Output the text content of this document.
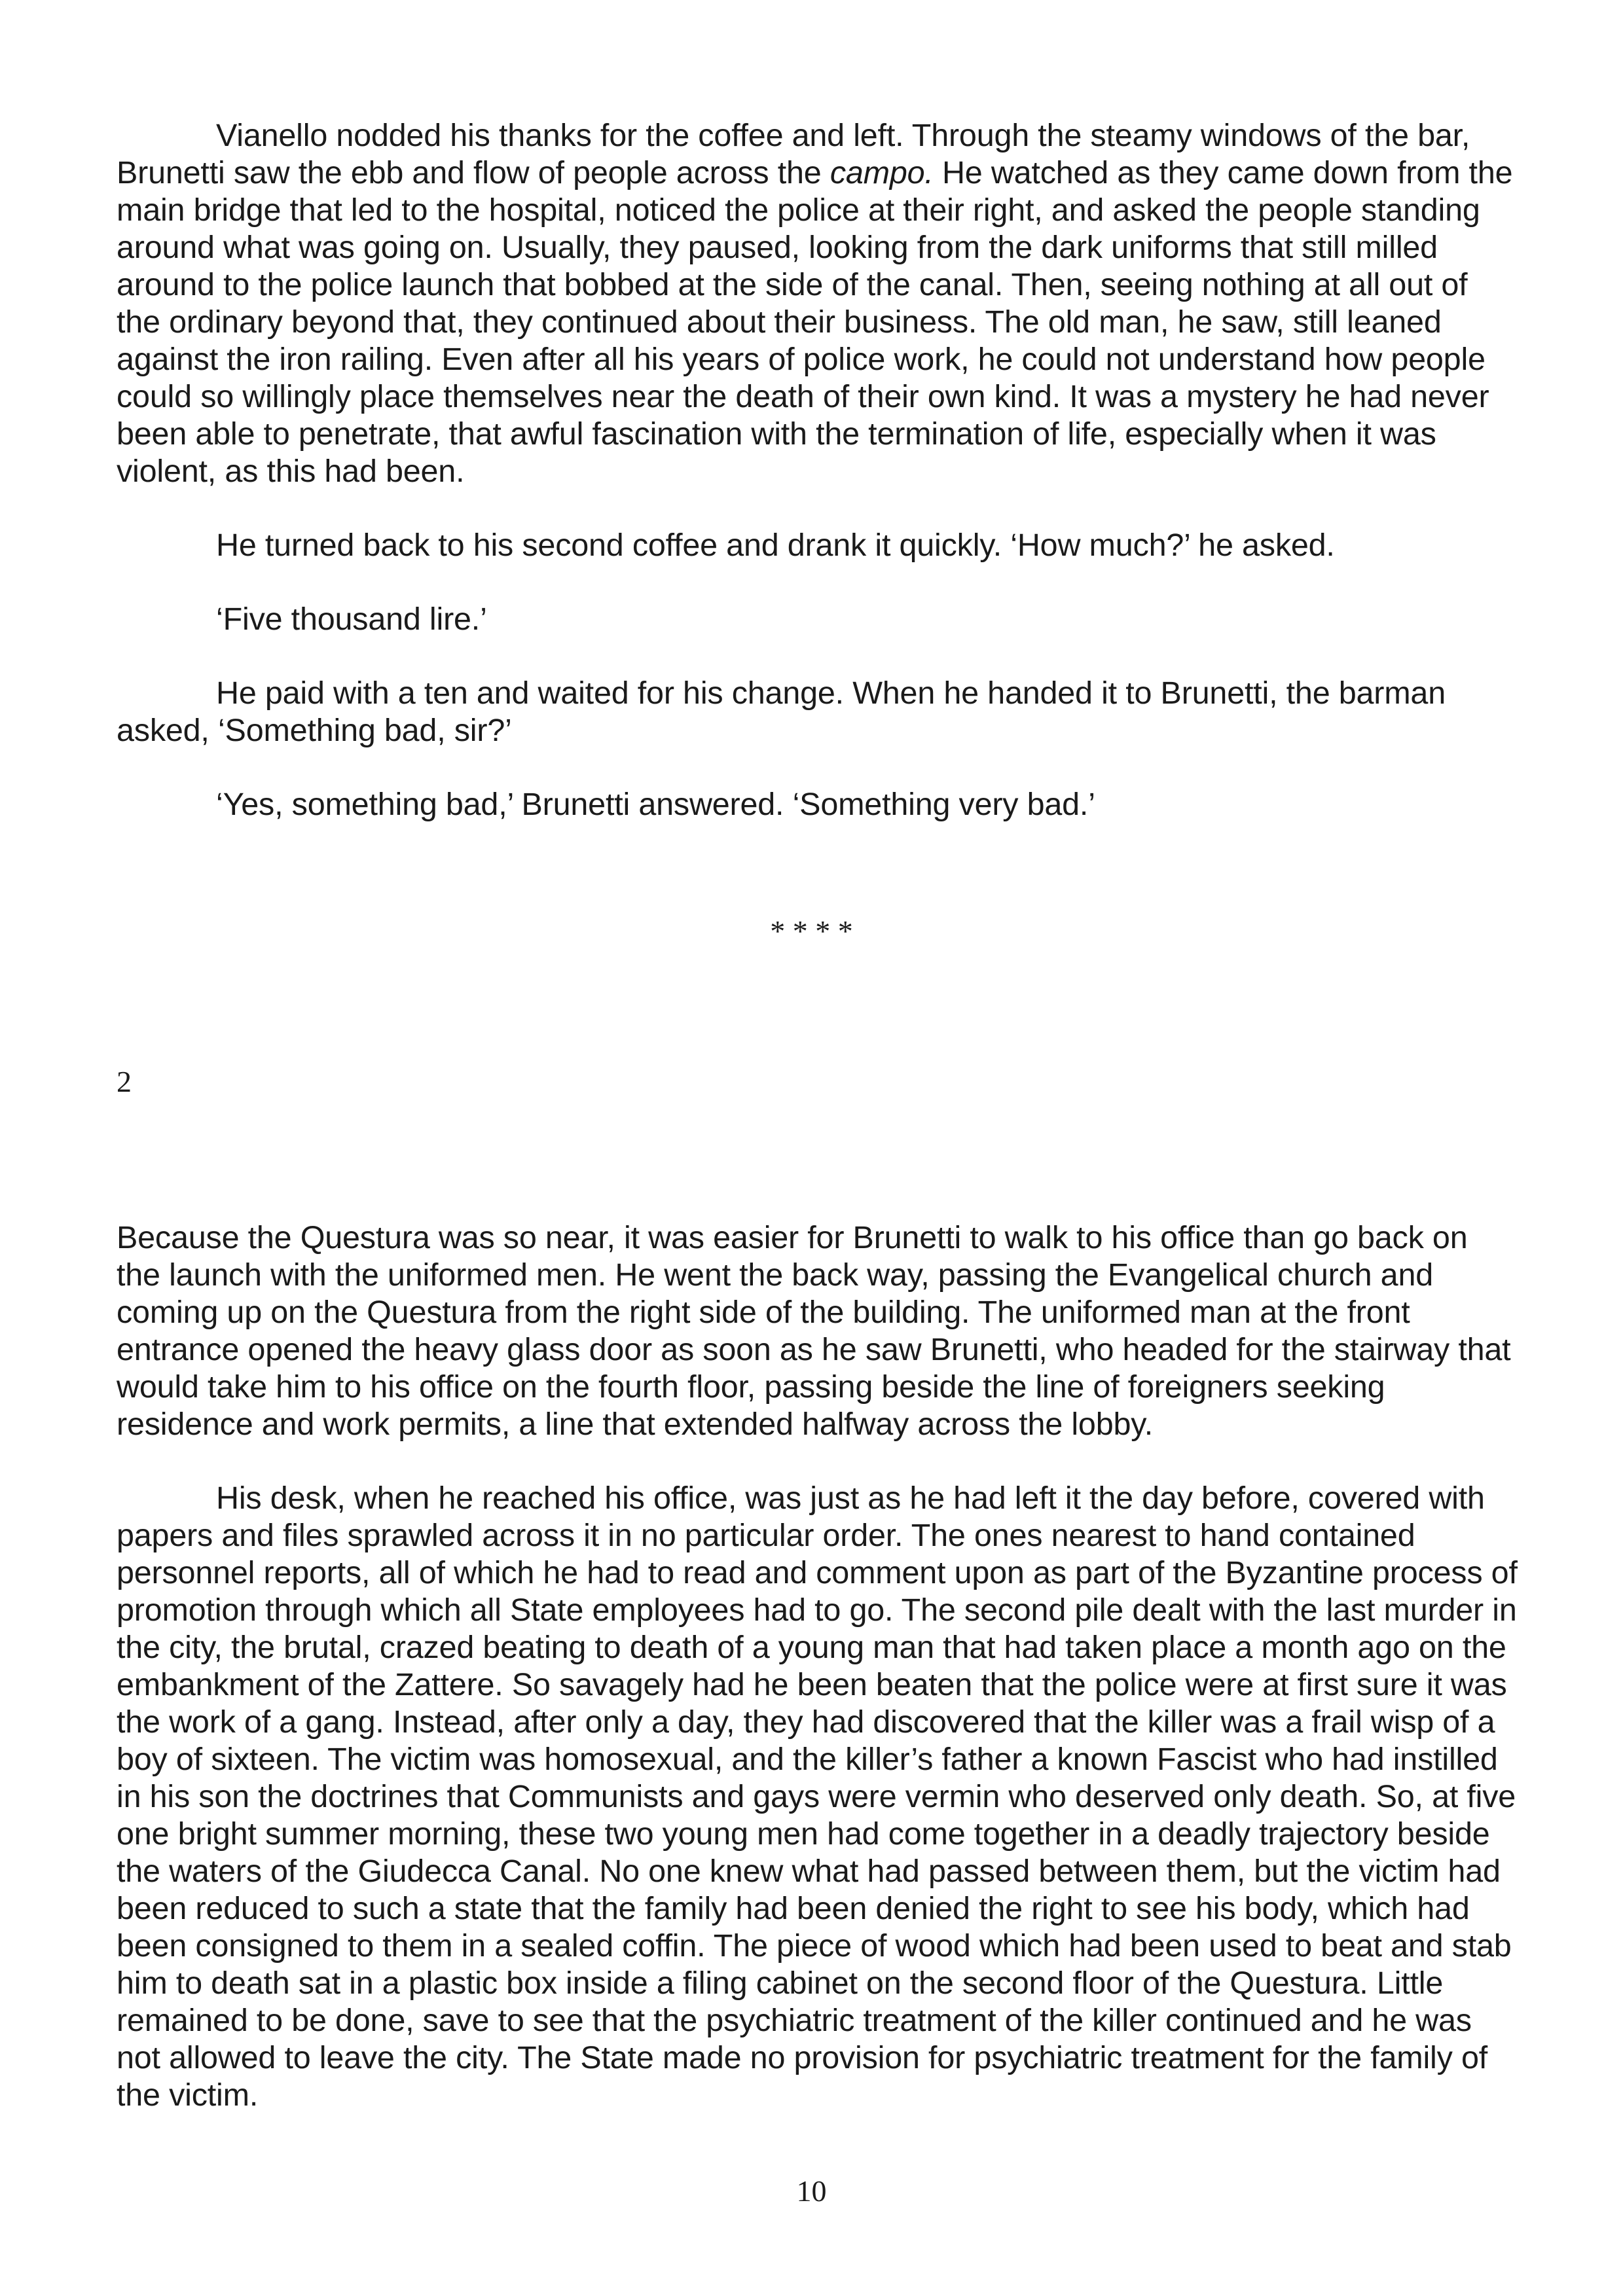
Vianello nodded his thanks for the coffee and left. Through the steamy windows of the bar, Brunetti saw the ebb and flow of people across the campo. He watched as they came down from the main bridge that led to the hospital, noticed the police at their right, and asked the people standing around what was going on. Usually, they paused, looking from the dark uniforms that still milled around to the police launch that bobbed at the side of the canal. Then, seeing nothing at all out of the ordinary beyond that, they continued about their business. The old man, he saw, still leaned against the iron railing. Even after all his years of police work, he could not understand how people could so willingly place themselves near the death of their own kind. It was a mystery he had never been able to penetrate, that awful fascination with the termination of life, especially when it was violent, as this had been.

He turned back to his second coffee and drank it quickly. ‘How much?’ he asked.

‘Five thousand lire.’

He paid with a ten and waited for his change. When he handed it to Brunetti, the barman asked, ‘Something bad, sir?’

‘Yes, something bad,’ Brunetti answered. ‘Something very bad.’

* * * *
2

Because the Questura was so near, it was easier for Brunetti to walk to his office than go back on the launch with the uniformed men. He went the back way, passing the Evangelical church and coming up on the Questura from the right side of the building. The uniformed man at the front entrance opened the heavy glass door as soon as he saw Brunetti, who headed for the stairway that would take him to his office on the fourth floor, passing beside the line of foreigners seeking residence and work permits, a line that extended halfway across the lobby.

His desk, when he reached his office, was just as he had left it the day before, covered with papers and files sprawled across it in no particular order. The ones nearest to hand contained personnel reports, all of which he had to read and comment upon as part of the Byzantine process of promotion through which all State employees had to go. The second pile dealt with the last murder in the city, the brutal, crazed beating to death of a young man that had taken place a month ago on the embankment of the Zattere. So savagely had he been beaten that the police were at first sure it was the work of a gang. Instead, after only a day, they had discovered that the killer was a frail wisp of a boy of sixteen. The victim was homosexual, and the killer’s father a known Fascist who had instilled in his son the doctrines that Communists and gays were vermin who deserved only death. So, at five one bright summer morning, these two young men had come together in a deadly trajectory beside the waters of the Giudecca Canal. No one knew what had passed between them, but the victim had been reduced to such a state that the family had been denied the right to see his body, which had been consigned to them in a sealed coffin. The piece of wood which had been used to beat and stab him to death sat in a plastic box inside a filing cabinet on the second floor of the Questura. Little remained to be done, save to see that the psychiatric treatment of the killer continued and he was not allowed to leave the city. The State made no provision for psychiatric treatment for the family of the victim.

10
